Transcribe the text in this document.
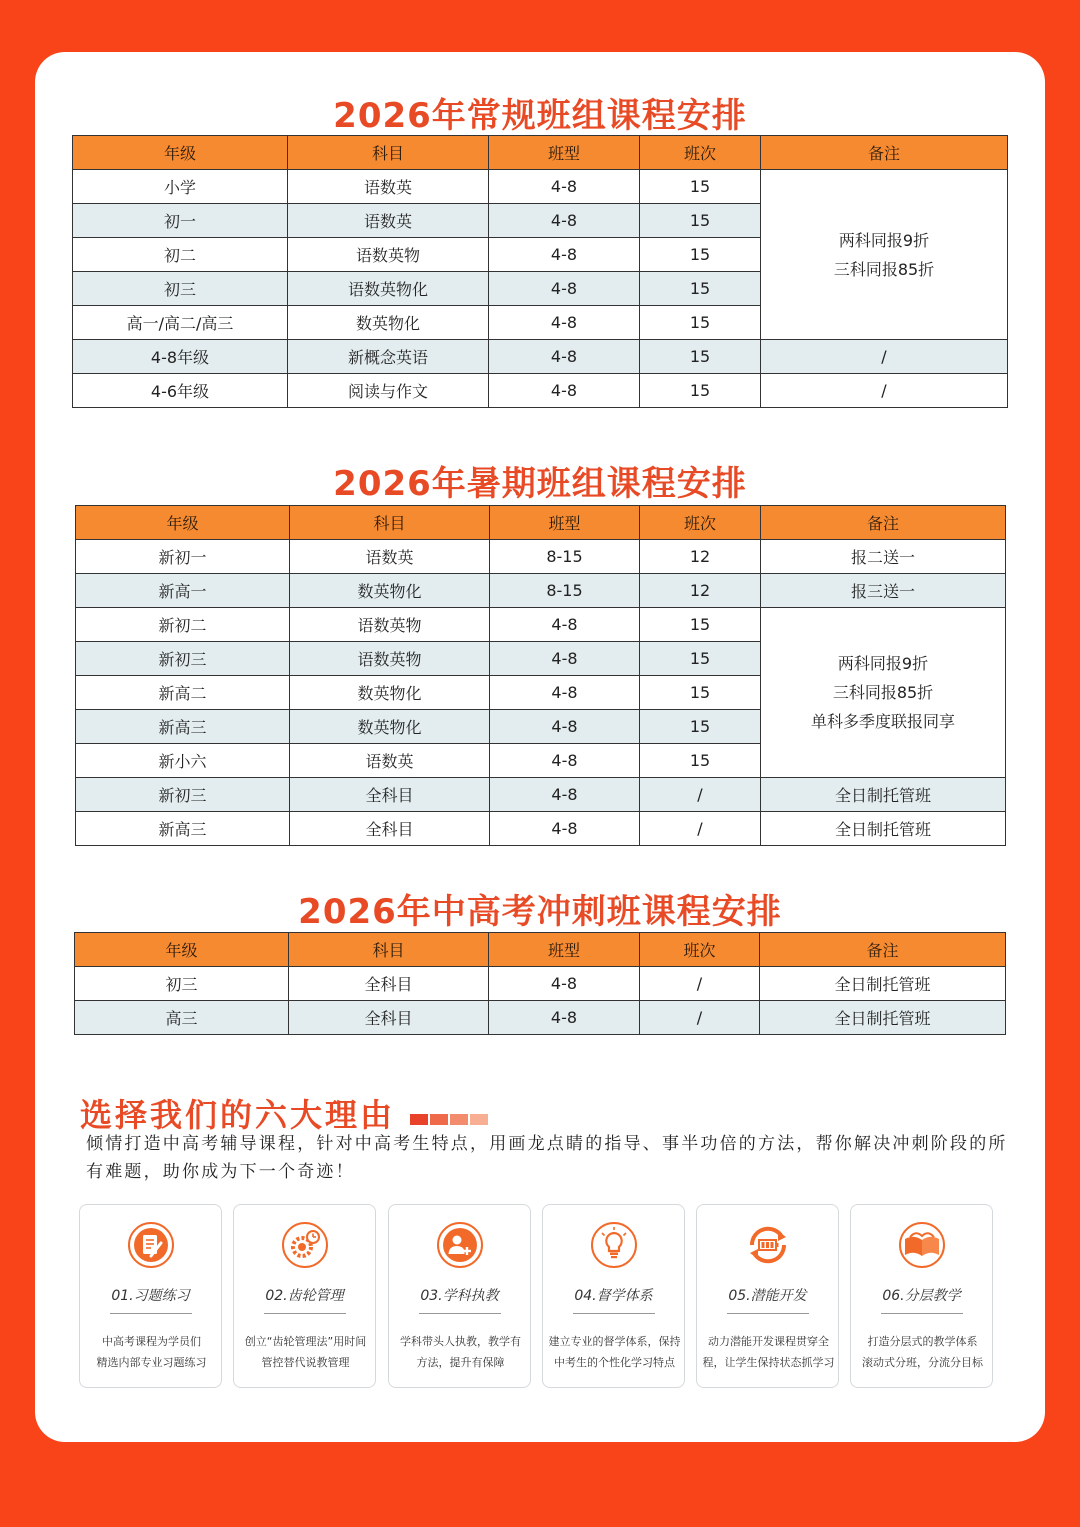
2026年常规班组课程安排
年级	科目	班型	班次	备注
小学	语数英	4-8	15	两科同报9折
三科同报85折

初一	语数英	4-8	15	
初二	语数英物	4-8	15	
初三	语数英物化	4-8	15	
高一/高二/高三	数英物化	4-8	15	
4-8年级	新概念英语	4-8	15	/
4-6年级	阅读与作文	4-8	15	/
2026年暑期班组课程安排
年级	科目	班型	班次	备注
新初一	语数英	8-15	12	报二送一
新高一	数英物化	8-15	12	报三送一
新初二	语数英物	4-8	15	两科同报9折
三科同报85折
单科多季度联报同享

新初三	语数英物	4-8	15	
新高二	数英物化	4-8	15	
新高三	数英物化	4-8	15	
新小六	语数英	4-8	15	
新初三	全科目	4-8	/	全日制托管班
新高三	全科目	4-8	/	全日制托管班
2026年中高考冲刺班课程安排
年级	科目	班型	班次	备注
初三	全科目	4-8	/	全日制托管班
高三	全科目	4-8	/	全日制托管班
选择我们的六大理由
倾情打造中高考辅导课程，针对中高考生特点，用画龙点睛的指导、事半功倍的方法，帮你解决冲刺阶段的所有难题，助你成为下一个奇迹！
01.习题练习
中高考课程为学员们
精选内部专业习题练习
02.齿轮管理
创立“齿轮管理法”用时间
管控替代说教管理
03.学科执教
学科带头人执教，教学有
方法，提升有保障
04.督学体系
建立专业的督学体系，保持
中考生的个性化学习特点
05.潜能开发
动力潜能开发课程贯穿全
程，让学生保持状态抓学习
06.分层教学
打造分层式的教学体系
滚动式分班，分流分目标
